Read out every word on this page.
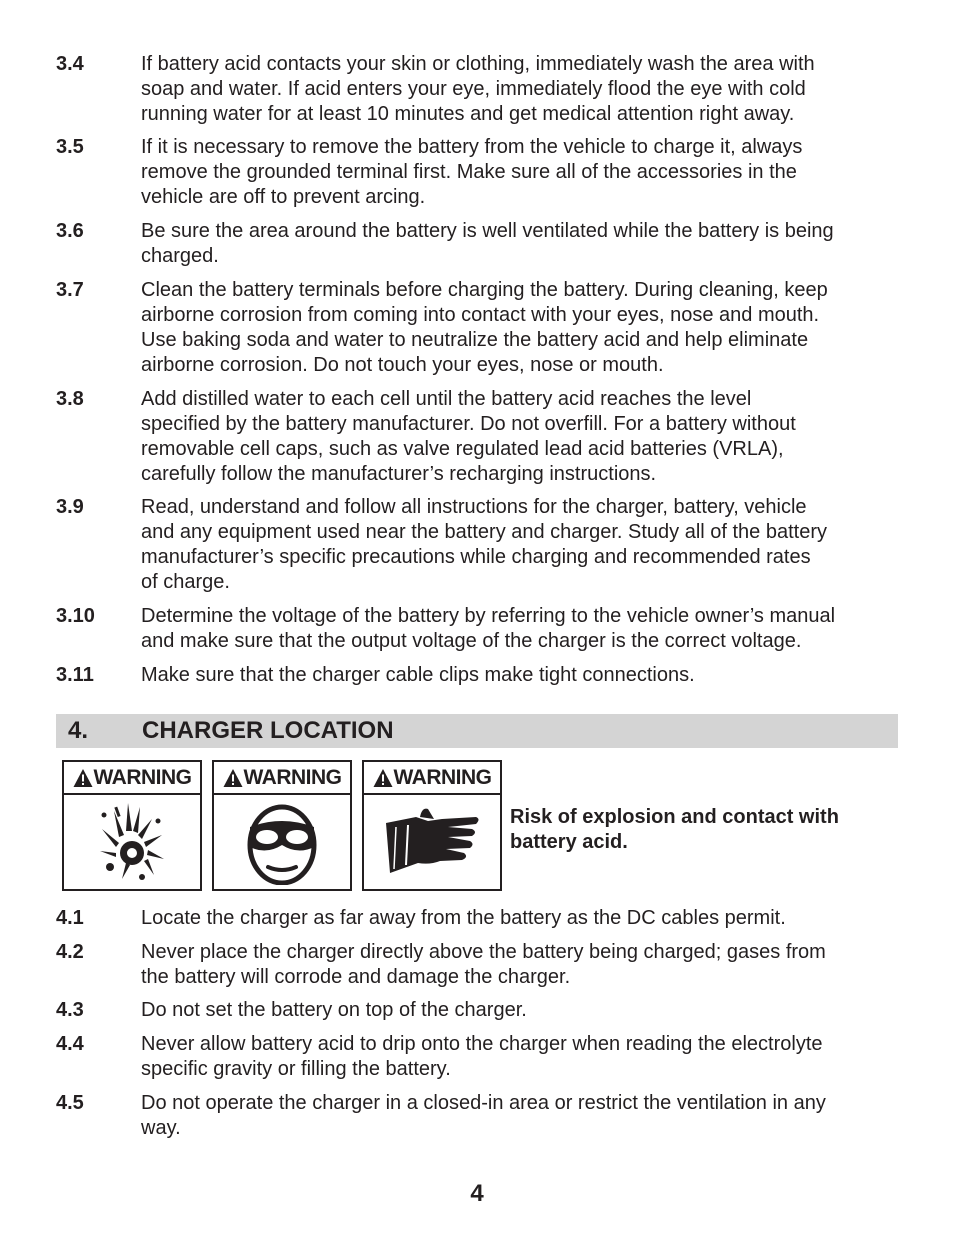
3.4	If battery acid contacts your skin or clothing, immediately wash the area with
soap and water. If acid enters your eye, immediately flood the eye with cold
running water for at least 10 minutes and get medical attention right away.
3.5	If it is necessary to remove the battery from the vehicle to charge it, always
remove the grounded terminal first. Make sure all of the accessories in the
vehicle are off to prevent arcing.
3.6	Be sure the area around the battery is well ventilated while the battery is being
charged.
3.7	Clean the battery terminals before charging the battery. During cleaning, keep
airborne corrosion from coming into contact with your eyes, nose and mouth.
Use baking soda and water to neutralize the battery acid and help eliminate
airborne corrosion. Do not touch your eyes, nose or mouth.
3.8	Add distilled water to each cell until the battery acid reaches the level
specified by the battery manufacturer. Do not overfill. For a battery without
removable cell caps, such as valve regulated lead acid batteries (VRLA),
carefully follow the manufacturer’s recharging instructions.
3.9	Read, understand and follow all instructions for the charger, battery, vehicle
and any equipment used near the battery and charger. Study all of the battery
manufacturer’s specific precautions while charging and recommended rates
of charge.
3.10	Determine the voltage of the battery by referring to the vehicle owner’s manual
and make sure that the output voltage of the charger is the correct voltage.
3.11	Make sure that the charger cable clips make tight connections.
4.	CHARGER LOCATION
WARNING WARNING WARNING
Risk of explosion and contact with
battery acid.
4.1	Locate the charger as far away from the battery as the DC cables permit.
4.2	Never place the charger directly above the battery being charged; gases from
the battery will corrode and damage the charger.
4.3	Do not set the battery on top of the charger.
4.4	Never allow battery acid to drip onto the charger when reading the electrolyte
specific gravity or filling the battery.
4.5	Do not operate the charger in a closed-in area or restrict the ventilation in any
way.
4
